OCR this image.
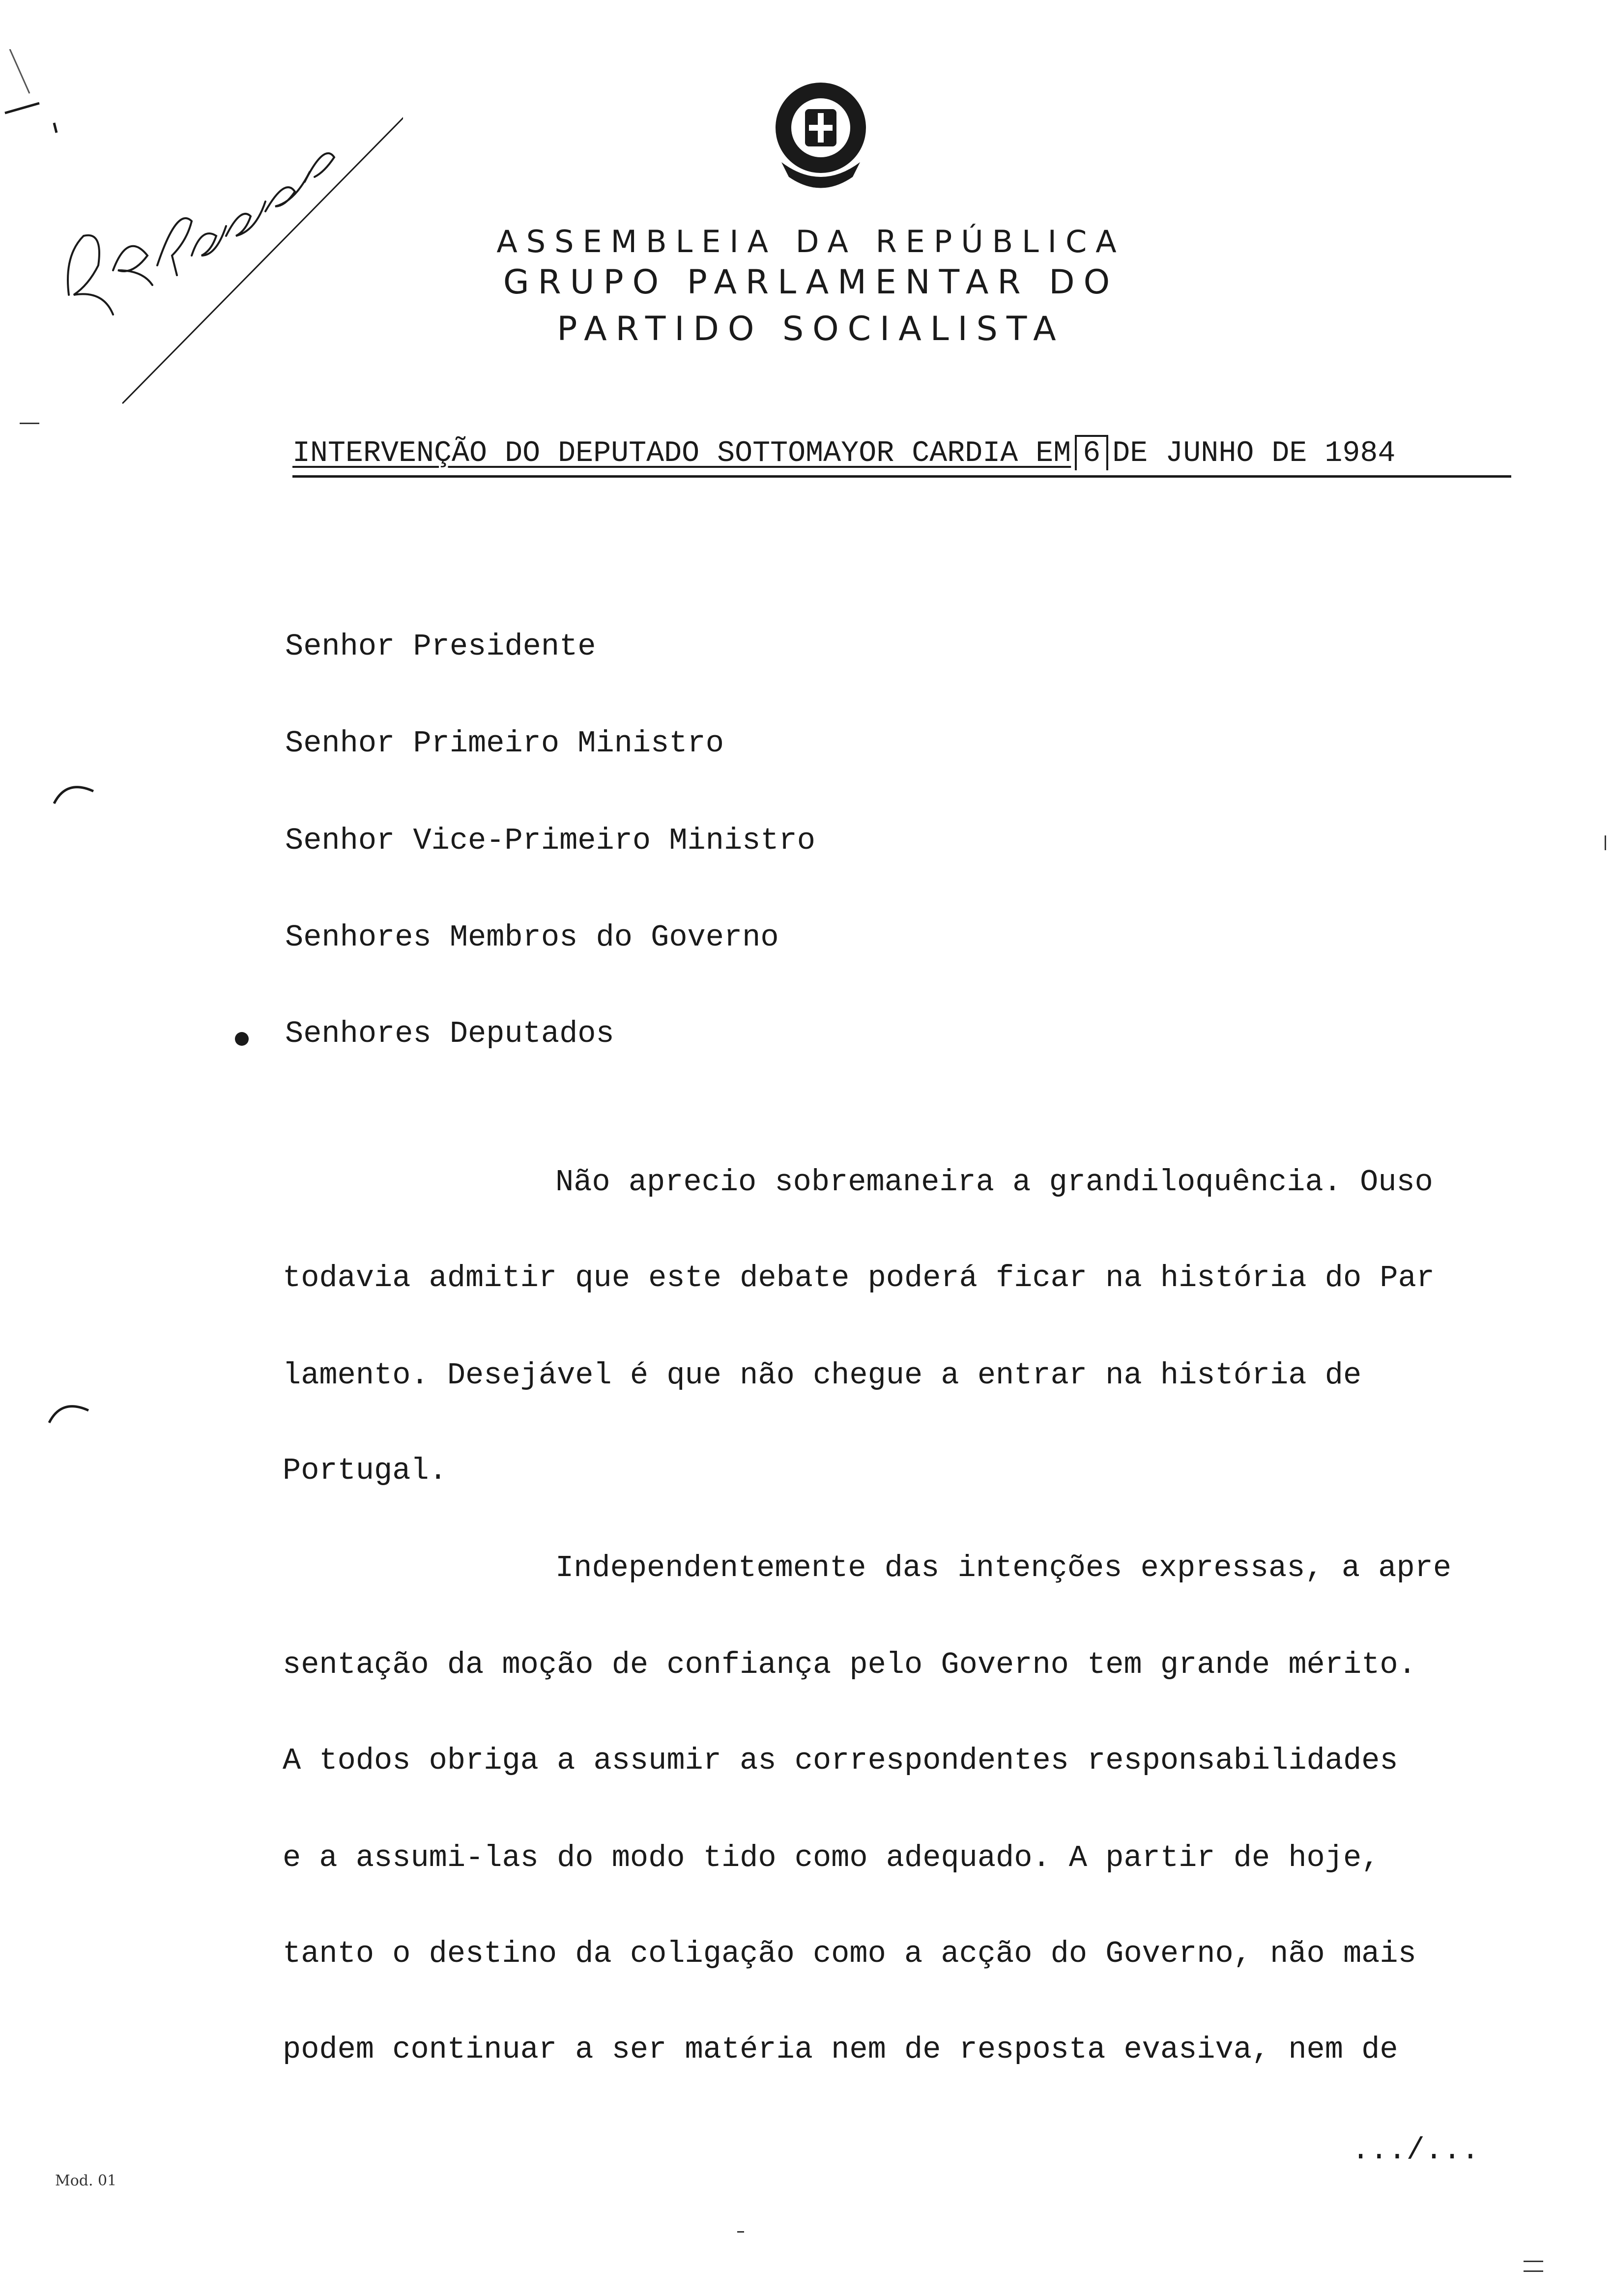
ASSEMBLEIA DA REPÚBLICA
GRUPO PARLAMENTAR DO
PARTIDO SOCIALISTA
INTERVENÇÃO DO DEPUTADO SOTTOMAYOR CARDIA EM 6 DE JUNHO DE 1984
Senhor Presidente
Senhor Primeiro Ministro
Senhor Vice-Primeiro Ministro
Senhores Membros do Governo
Senhores Deputados
Não aprecio sobremaneira a grandiloquência. Ouso
todavia admitir que este debate poderá ficar na história do Par
lamento. Desejável é que não chegue a entrar na história de
Portugal.
Independentemente das intenções expressas, a apre
sentação da moção de confiança pelo Governo tem grande mérito.
A todos obriga a assumir as correspondentes responsabilidades
e a assumi-las do modo tido como adequado. A partir de hoje,
tanto o destino da coligação como a acção do Governo, não mais
podem continuar a ser matéria nem de resposta evasiva, nem de
.../...
Mod. 01
